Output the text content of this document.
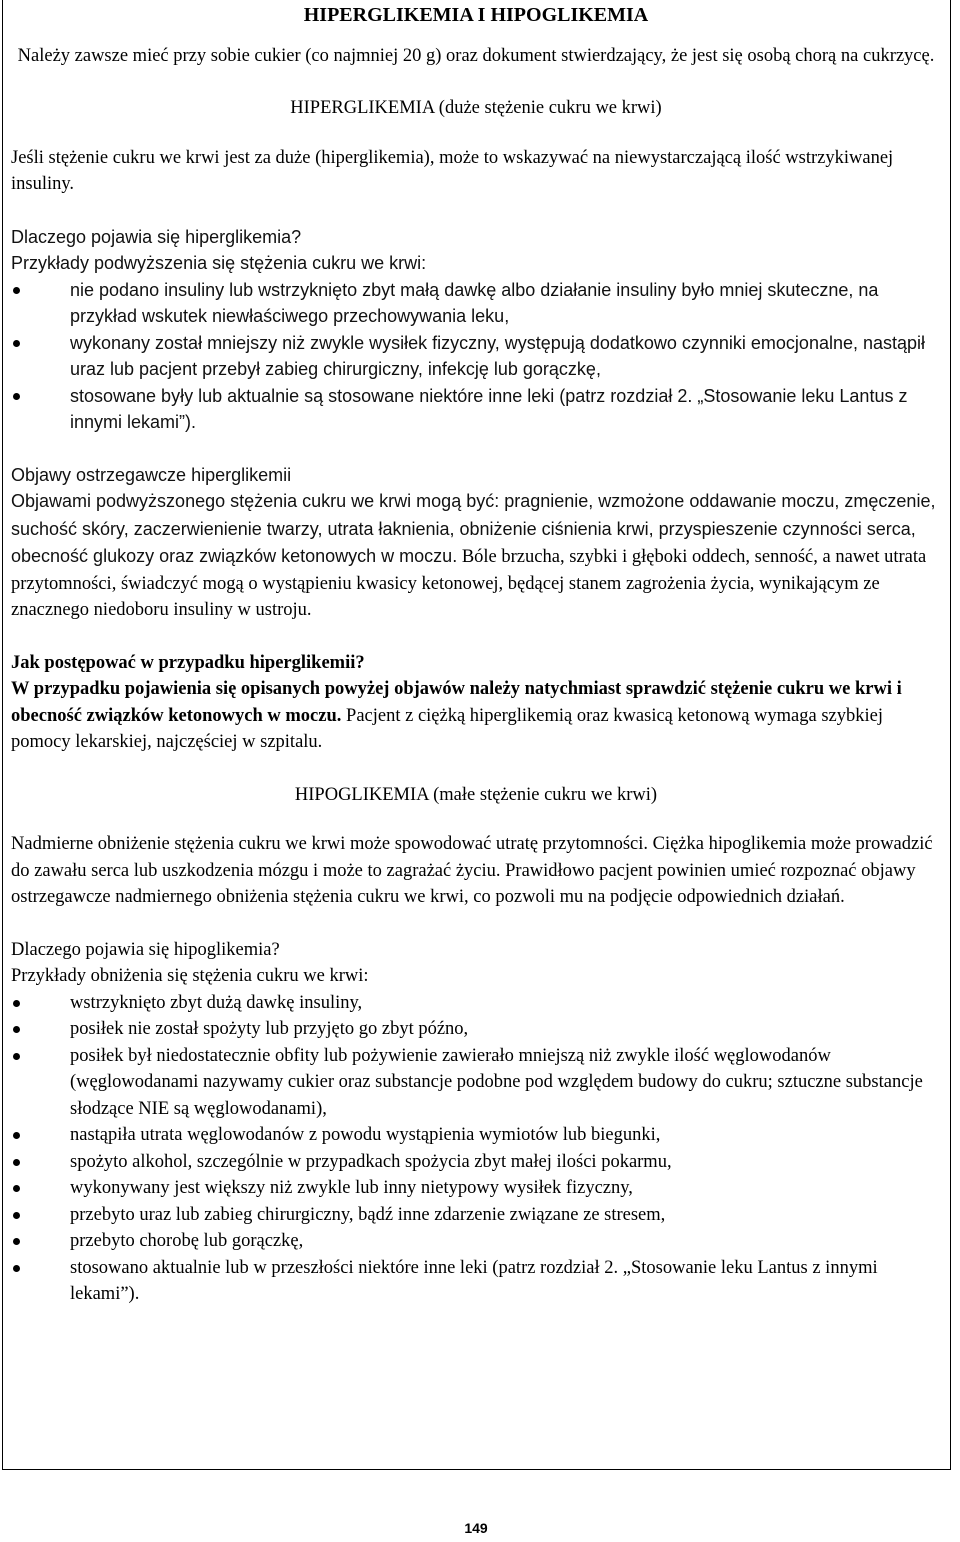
HIPERGLIKEMIA I HIPOGLIKEMIA

Należy zawsze mieć przy sobie cukier (co najmniej 20 g) oraz dokument stwierdzający, że jest się osobą chorą na cukrzycę.

HIPERGLIKEMIA (duże stężenie cukru we krwi)

Jeśli stężenie cukru we krwi jest za duże (hiperglikemia), może to wskazywać na niewystarczającą ilość wstrzykiwanej insuliny.

Dlaczego pojawia się hiperglikemia?

Przykłady podwyższenia się stężenia cukru we krwi:

nie podano insuliny lub wstrzyknięto zbyt małą dawkę albo działanie insuliny było mniej skuteczne, na przykład wskutek niewłaściwego przechowywania leku,
wykonany został mniejszy niż zwykle wysiłek fizyczny, występują dodatkowo czynniki emocjonalne, nastąpił uraz lub pacjent przebył zabieg chirurgiczny, infekcję lub gorączkę,
stosowane były lub aktualnie są stosowane niektóre inne leki (patrz rozdział 2. „Stosowanie leku Lantus z innymi lekami”).

Objawy ostrzegawcze hiperglikemii

Objawami podwyższonego stężenia cukru we krwi mogą być: pragnienie, wzmożone oddawanie moczu, zmęczenie, suchość skóry, zaczerwienienie twarzy, utrata łaknienia, obniżenie ciśnienia krwi, przyspieszenie czynności serca, obecność glukozy oraz związków ketonowych w moczu. Bóle brzucha, szybki i głęboki oddech, senność, a nawet utrata przytomności, świadczyć mogą o wystąpieniu kwasicy ketonowej, będącej stanem zagrożenia życia, wynikającym ze znacznego niedoboru insuliny w ustroju.

Jak postępować w przypadku hiperglikemii?

W przypadku pojawienia się opisanych powyżej objawów należy natychmiast sprawdzić stężenie cukru we krwi i obecność związków ketonowych w moczu. Pacjent z ciężką hiperglikemią oraz kwasicą ketonową wymaga szybkiej pomocy lekarskiej, najczęściej w szpitalu.

HIPOGLIKEMIA (małe stężenie cukru we krwi)

Nadmierne obniżenie stężenia cukru we krwi może spowodować utratę przytomności. Ciężka hipoglikemia może prowadzić do zawału serca lub uszkodzenia mózgu i może to zagrażać życiu. Prawidłowo pacjent powinien umieć rozpoznać objawy ostrzegawcze nadmiernego obniżenia stężenia cukru we krwi, co pozwoli mu na podjęcie odpowiednich działań.

Dlaczego pojawia się hipoglikemia?

Przykłady obniżenia się stężenia cukru we krwi:

wstrzyknięto zbyt dużą dawkę insuliny,
posiłek nie został spożyty lub przyjęto go zbyt późno,
posiłek był niedostatecznie obfity lub pożywienie zawierało mniejszą niż zwykle ilość węglowodanów (węglowodanami nazywamy cukier oraz substancje podobne pod względem budowy do cukru; sztuczne substancje słodzące NIE są węglowodanami),
nastąpiła utrata węglowodanów z powodu wystąpienia wymiotów lub biegunki,
spożyto alkohol, szczególnie w przypadkach spożycia zbyt małej ilości pokarmu,
wykonywany jest większy niż zwykle lub inny nietypowy wysiłek fizyczny,
przebyto uraz lub zabieg chirurgiczny, bądź inne zdarzenie związane ze stresem,
przebyto chorobę lub gorączkę,
stosowano aktualnie lub w przeszłości niektóre inne leki (patrz rozdział 2. „Stosowanie leku Lantus z innymi lekami”).
149
